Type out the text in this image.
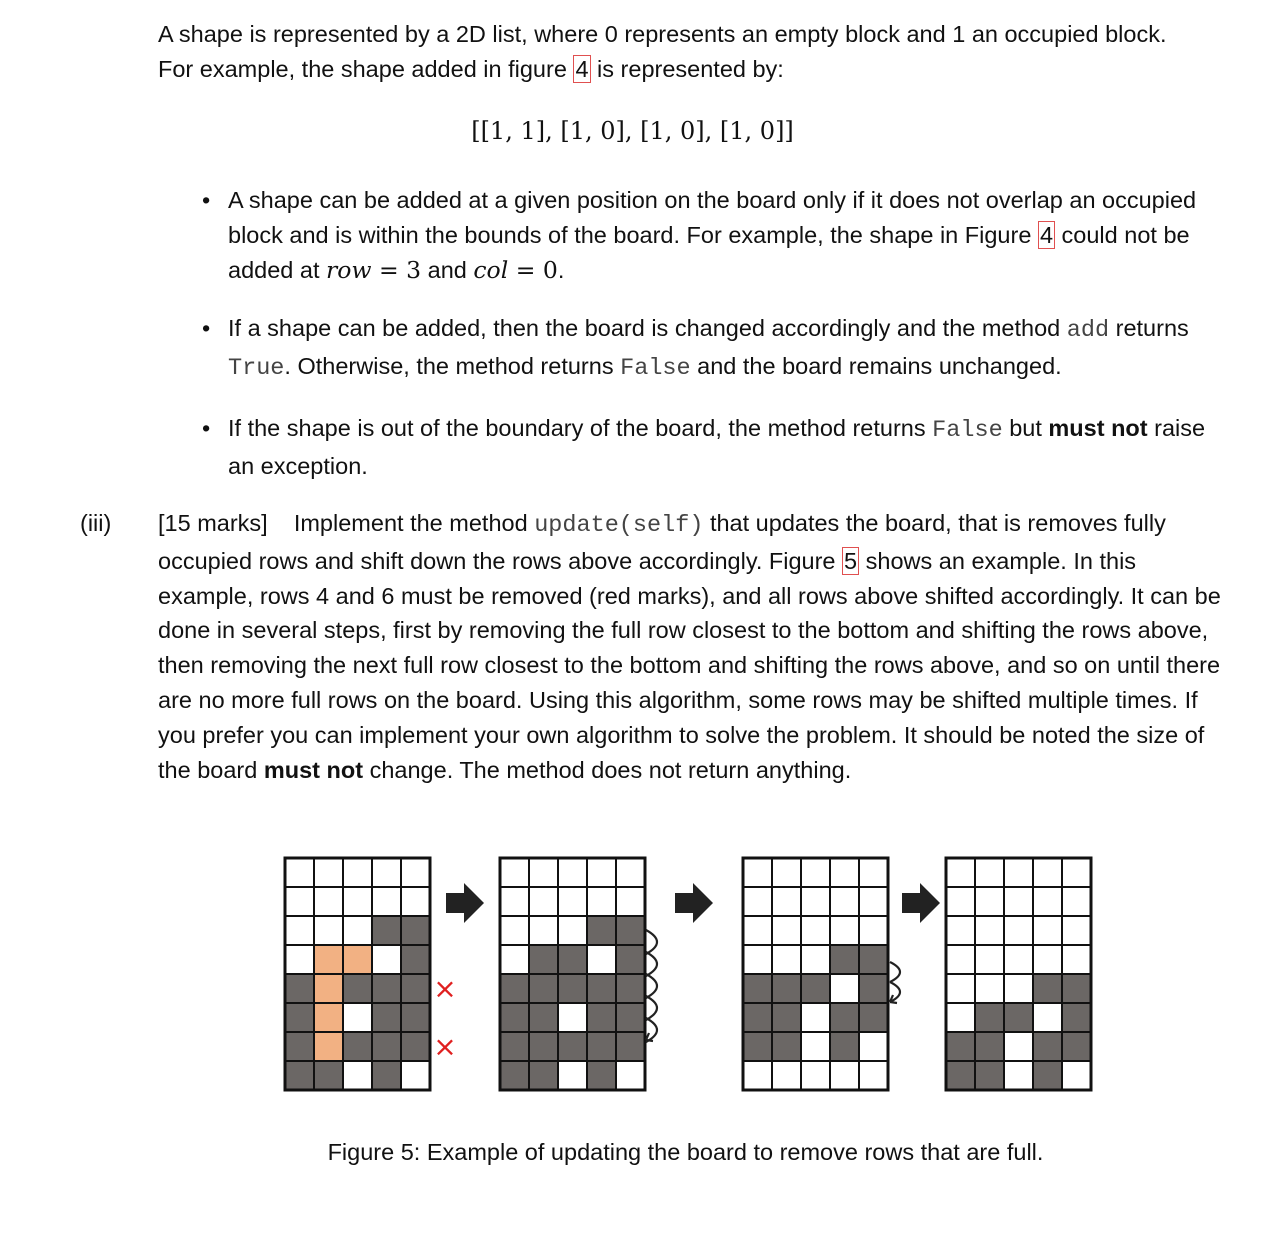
A shape is represented by a 2D list, where 0 represents an empty block and 1 an occupied block.
For example, the shape added in figure 4 is represented by:
[[1, 1], [1, 0], [1, 0], [1, 0]]
• A shape can be added at a given position on the board only if it does not overlap an occupied block and is within the bounds of the board. For example, the shape in Figure 4 could not be added at row = 3 and col = 0.
• If a shape can be added, then the board is changed accordingly and the method add returns True. Otherwise, the method returns False and the board remains unchanged.
• If the shape is out of the boundary of the board, the method returns False but must not raise an exception.
(iii) [15 marks] Implement the method update(self) that updates the board, that is removes fully occupied rows and shift down the rows above accordingly. Figure 5 shows an example. In this example, rows 4 and 6 must be removed (red marks), and all rows above shifted accordingly. It can be done in several steps, first by removing the full row closest to the bottom and shifting the rows above, then removing the next full row closest to the bottom and shifting the rows above, and so on until there are no more full rows on the board. Using this algorithm, some rows may be shifted multiple times. If you prefer you can implement your own algorithm to solve the problem. It should be noted the size of the board must not change. The method does not return anything.
×
×
Figure 5: Example of updating the board to remove rows that are full.
